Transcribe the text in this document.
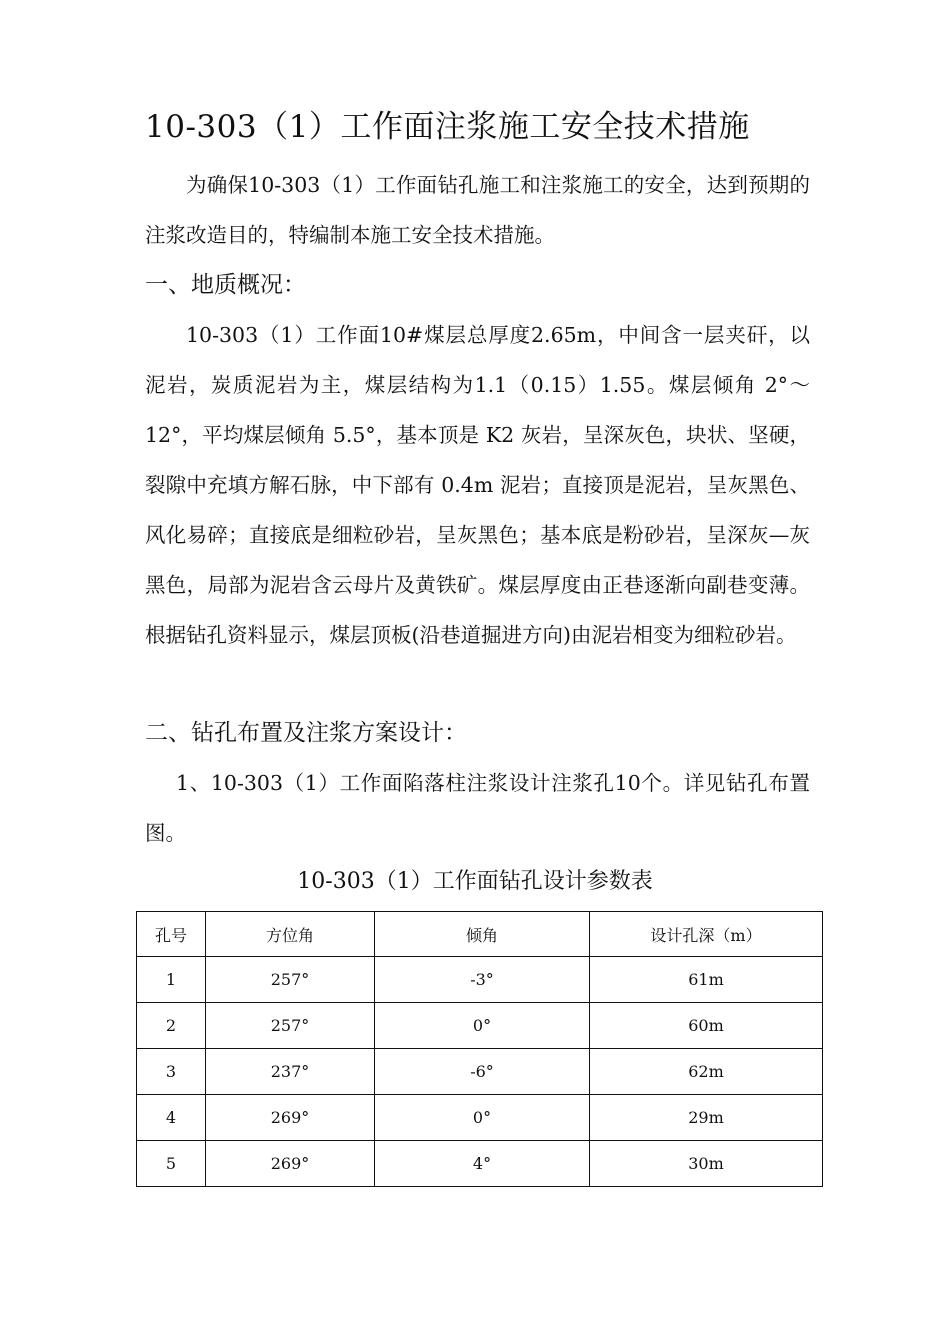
10-303（1）工作面注浆施工安全技术措施
为确保10-303（1）工作面钻孔施工和注浆施工的安全，达到预期的注浆改造目的，特编制本施工安全技术措施。
一、地质概况：
10-303（1）工作面10#煤层总厚度2.65m，中间含一层夹矸，以泥岩，炭质泥岩为主，煤层结构为1.1（0.15）1.55。煤层倾角 2°～12°，平均煤层倾角 5.5°，基本顶是 K2 灰岩，呈深灰色，块状、坚硬，裂隙中充填方解石脉，中下部有 0.4m 泥岩；直接顶是泥岩，呈灰黑色、风化易碎；直接底是细粒砂岩，呈灰黑色；基本底是粉砂岩，呈深灰—灰黑色，局部为泥岩含云母片及黄铁矿。煤层厚度由正巷逐渐向副巷变薄。根据钻孔资料显示，煤层顶板(沿巷道掘进方向)由泥岩相变为细粒砂岩。
二、钻孔布置及注浆方案设计：
1、10-303（1）工作面陷落柱注浆设计注浆孔10个。详见钻孔布置图。
10-303（1）工作面钻孔设计参数表
孔号	方位角	倾角	设计孔深（m）
1	257°	-3°	61m
2	257°	0°	60m
3	237°	-6°	62m
4	269°	0°	29m
5	269°	4°	30m
